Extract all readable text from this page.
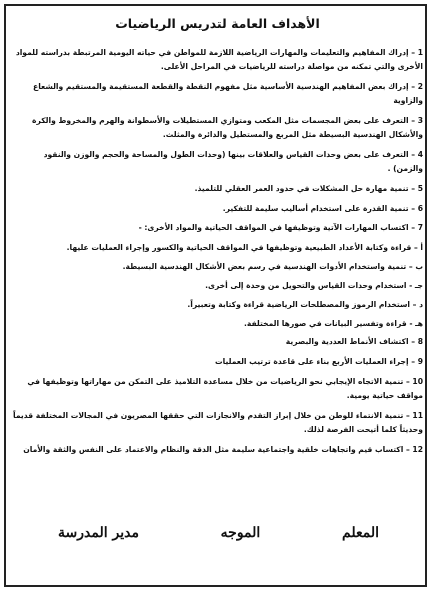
الأهداف العامة لتدريس الرياضيات
1 – إدراك المفاهيم والتعليمات والمهارات الرياضية اللازمة للمواطن في حياته اليومية المرتبطة بدراسته للمواد الأخرى والتي تمكنه من مواصلة دراسته للرياضيات في المراحل الأعلى.
2 – إدراك بعض المفاهيم الهندسية الأساسية مثل مفهوم النقطة والقطعة المستقيمة والمستقيم والشعاع والزاوية
3 – التعرف على بعض المجسمات مثل المكعب ومتوازي المستطيلات والأسطوانة والهرم والمخروط والكرة والأشكال الهندسية البسيطة مثل المربع والمستطيل والدائرة والمثلث.
4 – التعرف على بعض وحدات القياس والعلاقات بينها (وحدات الطول والمساحة والحجم والوزن والنقود والزمن) .
5 – تنمية مهارة حل المشكلات في حدود العمر العقلي للتلميذ.
6 – تنمية القدرة على استخدام أساليب سليمة للتفكير.
7 – اكتساب المهارات الآتية وتوظيفها في المواقف الحياتية والمواد الأخرى: -
أ – قراءة وكتابة الأعداد الطبيعية وتوظيفها في المواقف الحياتية والكسور وإجراء العمليات عليها.
ب – تنمية واستخدام الأدوات الهندسية في رسم بعض الأشكال الهندسية البسيطة.
جـ - استخدام وحدات القياس والتحويل من وحدة إلى أخرى.
د – استخدام الرموز والمصطلحات الرياضية قراءة وكتابة وتعبيراً.
هـ - قراءة وتفسير البيانات في صورها المختلفة.
8 – اكتشاف الأنماط العددية والبصرية
9 – إجراء العمليات الأربع بناء على قاعدة ترتيب العمليات
10 – تنمية الاتجاه الإيجابي نحو الرياضيات من خلال مساعدة التلاميذ على التمكن من مهاراتها وتوظيفها في مواقف حياتية يومية.
11 – تنمية الانتماء للوطن من خلال إبراز التقدم والانجازات التي حققها المصريون في المجالات المختلفة قديماً وحديثاً كلما أتيحت الفرصة لذلك.
12 – اكتساب قيم واتجاهات خلقية واجتماعية سليمة مثل الدقة والنظام والاعتماد على النفس والثقة والأمان
المعلم
الموجه
مدير المدرسة
